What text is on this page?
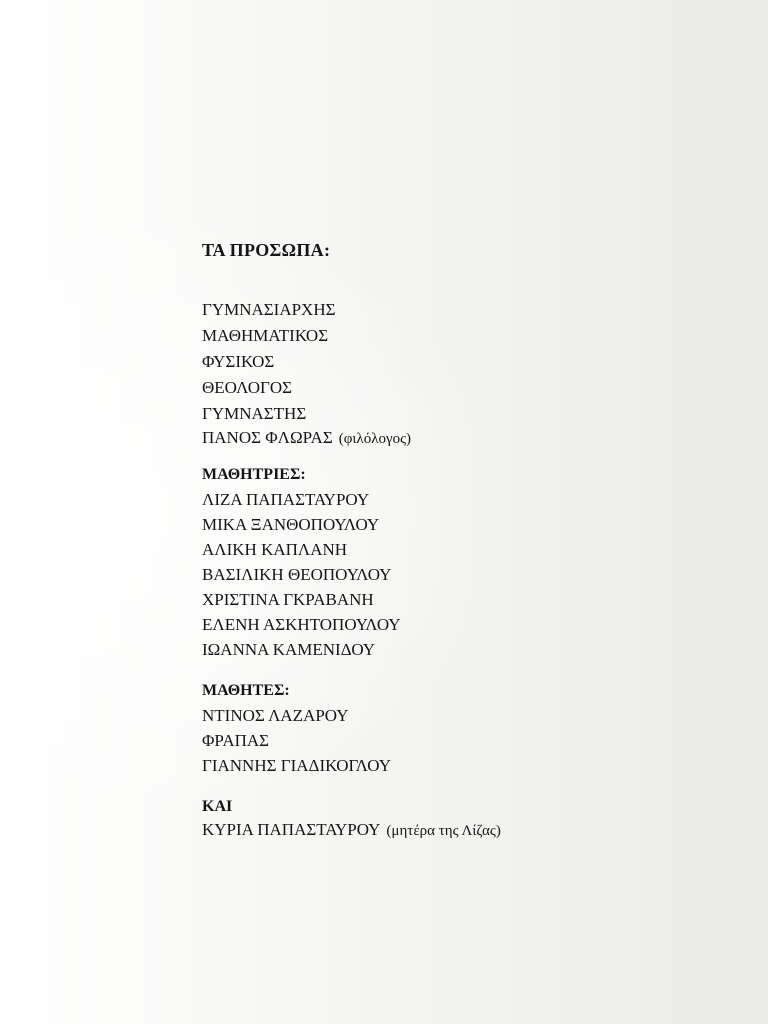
ΤΑ ΠΡΟΣΩΠΑ:
ΓΥΜΝΑΣΙΑΡΧΗΣ
ΜΑΘΗΜΑΤΙΚΟΣ
ΦΥΣΙΚΟΣ
ΘΕΟΛΟΓΟΣ
ΓΥΜΝΑΣΤΗΣ
ΠΑΝΟΣ ΦΛΩΡΑΣ (φιλόλογος)
ΜΑΘΗΤΡΙΕΣ:
ΛΙΖΑ ΠΑΠΑΣΤΑΥΡΟΥ
ΜΙΚΑ ΞΑΝΘΟΠΟΥΛΟΥ
ΑΛΙΚΗ ΚΑΠΛΑΝΗ
ΒΑΣΙΛΙΚΗ ΘΕΟΠΟΥΛΟΥ
ΧΡΙΣΤΙΝΑ ΓΚΡΑΒΑΝΗ
ΕΛΕΝΗ ΑΣΚΗΤΟΠΟΥΛΟΥ
ΙΩΑΝΝΑ ΚΑΜΕΝΙΔΟΥ
ΜΑΘΗΤΕΣ:
ΝΤΙΝΟΣ ΛΑΖΑΡΟΥ
ΦΡΑΠΑΣ
ΓΙΑΝΝΗΣ ΓΙΑΔΙΚΟΓΛΟΥ
ΚΑΙ
ΚΥΡΙΑ ΠΑΠΑΣΤΑΥΡΟΥ (μητέρα της Λίζας)
